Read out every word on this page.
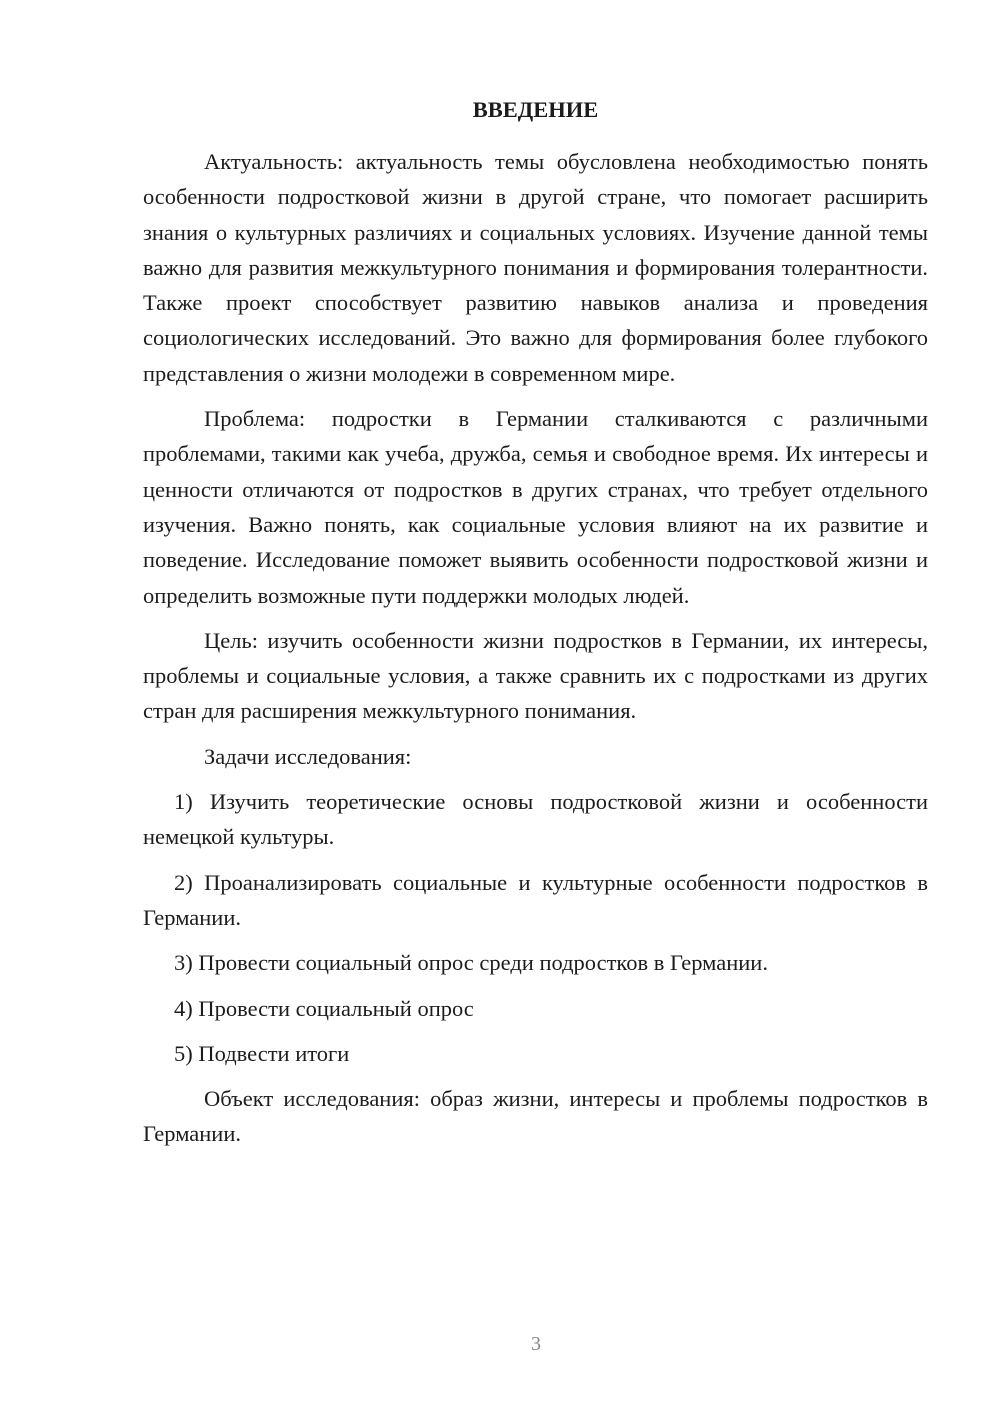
ВВЕДЕНИЕ

Актуальность: актуальность темы обусловлена необходимостью понять особенности подростковой жизни в другой стране, что помогает расширить знания о культурных различиях и социальных условиях. Изучение данной темы важно для развития межкультурного понимания и формирования толерантности. Также проект способствует развитию навыков анализа и проведения социологических исследований. Это важно для формирования более глубокого представления о жизни молодежи в современном мире.

Проблема: подростки в Германии сталкиваются с различными проблемами, такими как учеба, дружба, семья и свободное время. Их интересы и ценности отличаются от подростков в других странах, что требует отдельного изучения. Важно понять, как социальные условия влияют на их развитие и поведение. Исследование поможет выявить особенности подростковой жизни и определить возможные пути поддержки молодых людей.

Цель: изучить особенности жизни подростков в Германии, их интересы, проблемы и социальные условия, а также сравнить их с подростками из других стран для расширения межкультурного понимания.

Задачи исследования:

1) Изучить теоретические основы подростковой жизни и особенности немецкой культуры.

2) Проанализировать социальные и культурные особенности подростков в Германии.

3) Провести социальный опрос среди подростков в Германии.

4) Провести социальный опрос

5) Подвести итоги

Объект исследования: образ жизни, интересы и проблемы подростков в Германии.

3
